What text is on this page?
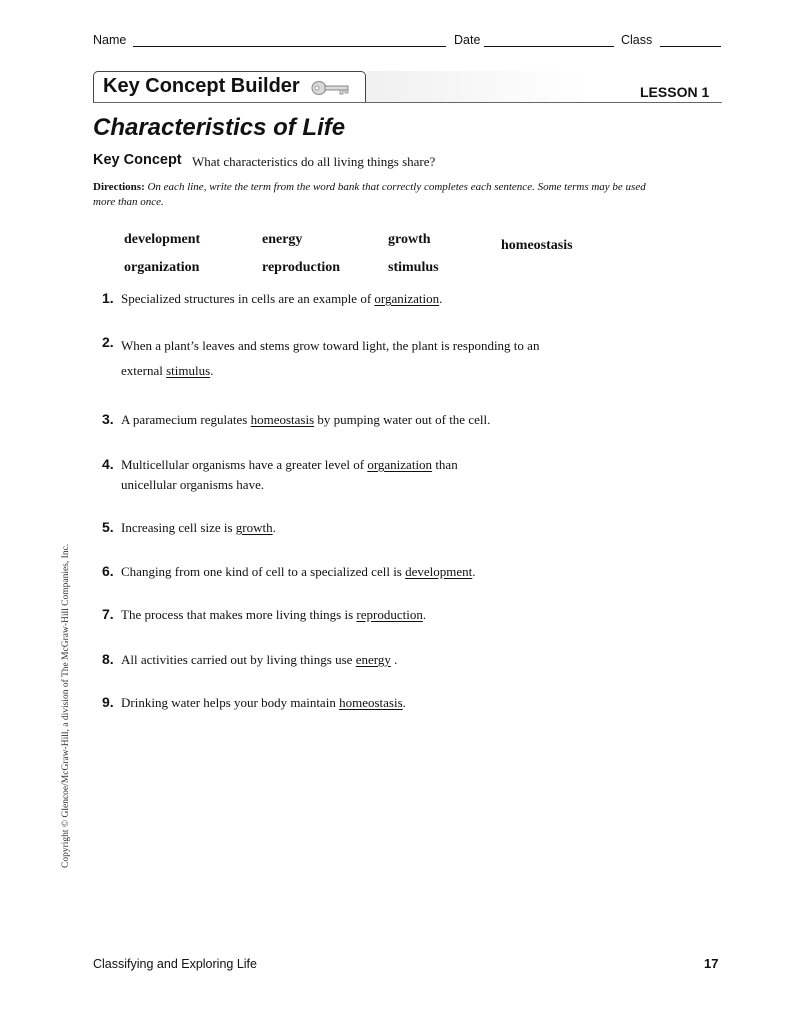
Name	Date	Class
Key Concept Builder	LESSON 1
Characteristics of Life
Key Concept What characteristics do all living things share?
Directions: On each line, write the term from the word bank that correctly completes each sentence. Some terms may be used more than once.
development	energy	growth	homeostasis
organization	reproduction	stimulus
1. Specialized structures in cells are an example of organization.
2. When a plant’s leaves and stems grow toward light, the plant is responding to an
external stimulus.
3. A paramecium regulates homeostasis by pumping water out of the cell.
4. Multicellular organisms have a greater level of organization than
unicellular organisms have.
5. Increasing cell size is growth.
6. Changing from one kind of cell to a specialized cell is development.
7. The process that makes more living things is reproduction.
8. All activities carried out by living things use energy .
9. Drinking water helps your body maintain homeostasis.
Copyright © Glencoe/McGraw-Hill, a division of The McGraw-Hill Companies, Inc.
Classifying and Exploring Life	17
